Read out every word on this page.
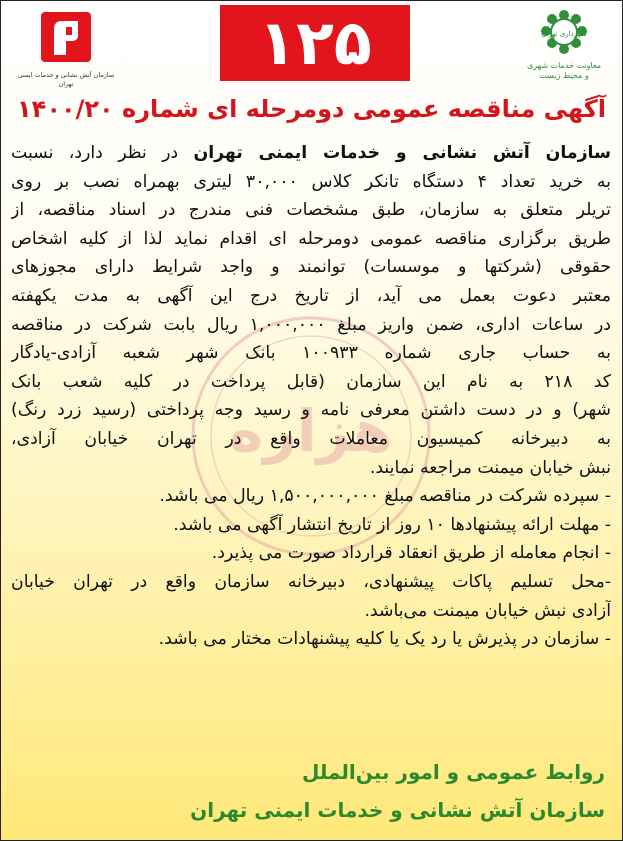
هزاره
سازمان آتش نشانی و خدمات ایمنی تهران
۱۲۵	شهرداری تهران
معاونت خدمات شهری
و محیط زیست
آگهی مناقصه عمومی دومرحله ای شماره ۱۴۰۰/۲۰
سازمان آتش نشانی و خدمات ایمنی تهران در نظر دارد، نسبت
به خرید تعداد ۴ دستگاه تانکر کلاس ۳۰,۰۰۰ لیتری بهمراه نصب بر روی
تریلر متعلق به سازمان، طبق مشخصات فنی مندرج در اسناد مناقصه، از
طریق برگزاری مناقصه عمومی دومرحله ای اقدام نماید لذا از کلیه اشخاص
حقوقی (شرکتها و موسسات) توانمند و واجد شرایط دارای مجوزهای
معتبر دعوت بعمل می آید، از تاریخ درج این آگهی به مدت یکهفته
در ساعات اداری، ضمن واریز مبلغ ۱,۰۰۰,۰۰۰ ریال بابت شرکت در مناقصه
به حساب جاری شماره ۱۰۰۹۳۳ بانک شهر شعبه آزادی-یادگار
کد ۲۱۸ به نام این سازمان (قابل پرداخت در کلیه شعب بانک
شهر) و در دست داشتن معرفی نامه و رسید وجه پرداختی (رسید زرد رنگ)
به دبیرخانه کمیسیون معاملات واقع در تهران خیابان آزادی،
نبش خیابان میمنت مراجعه نمایند.
- سپرده شرکت در مناقصه مبلغ ۱,۵۰۰,۰۰۰,۰۰۰ ریال می باشد.
- مهلت ارائه پیشنهادها ۱۰ روز از تاریخ انتشار آگهی می باشد.
- انجام معامله از طریق انعقاد قرارداد صورت می پذیرد.
-محل تسلیم پاکات پیشنهادی، دبیرخانه سازمان واقع در تهران خیابان
آزادی نبش خیابان میمنت می‌باشد.
- سازمان در پذیرش یا رد یک یا کلیه پیشنهادات مختار می باشد.
روابط عمومی و امور بین‌الملل
سازمان آتش نشانی و خدمات ایمنی تهران
